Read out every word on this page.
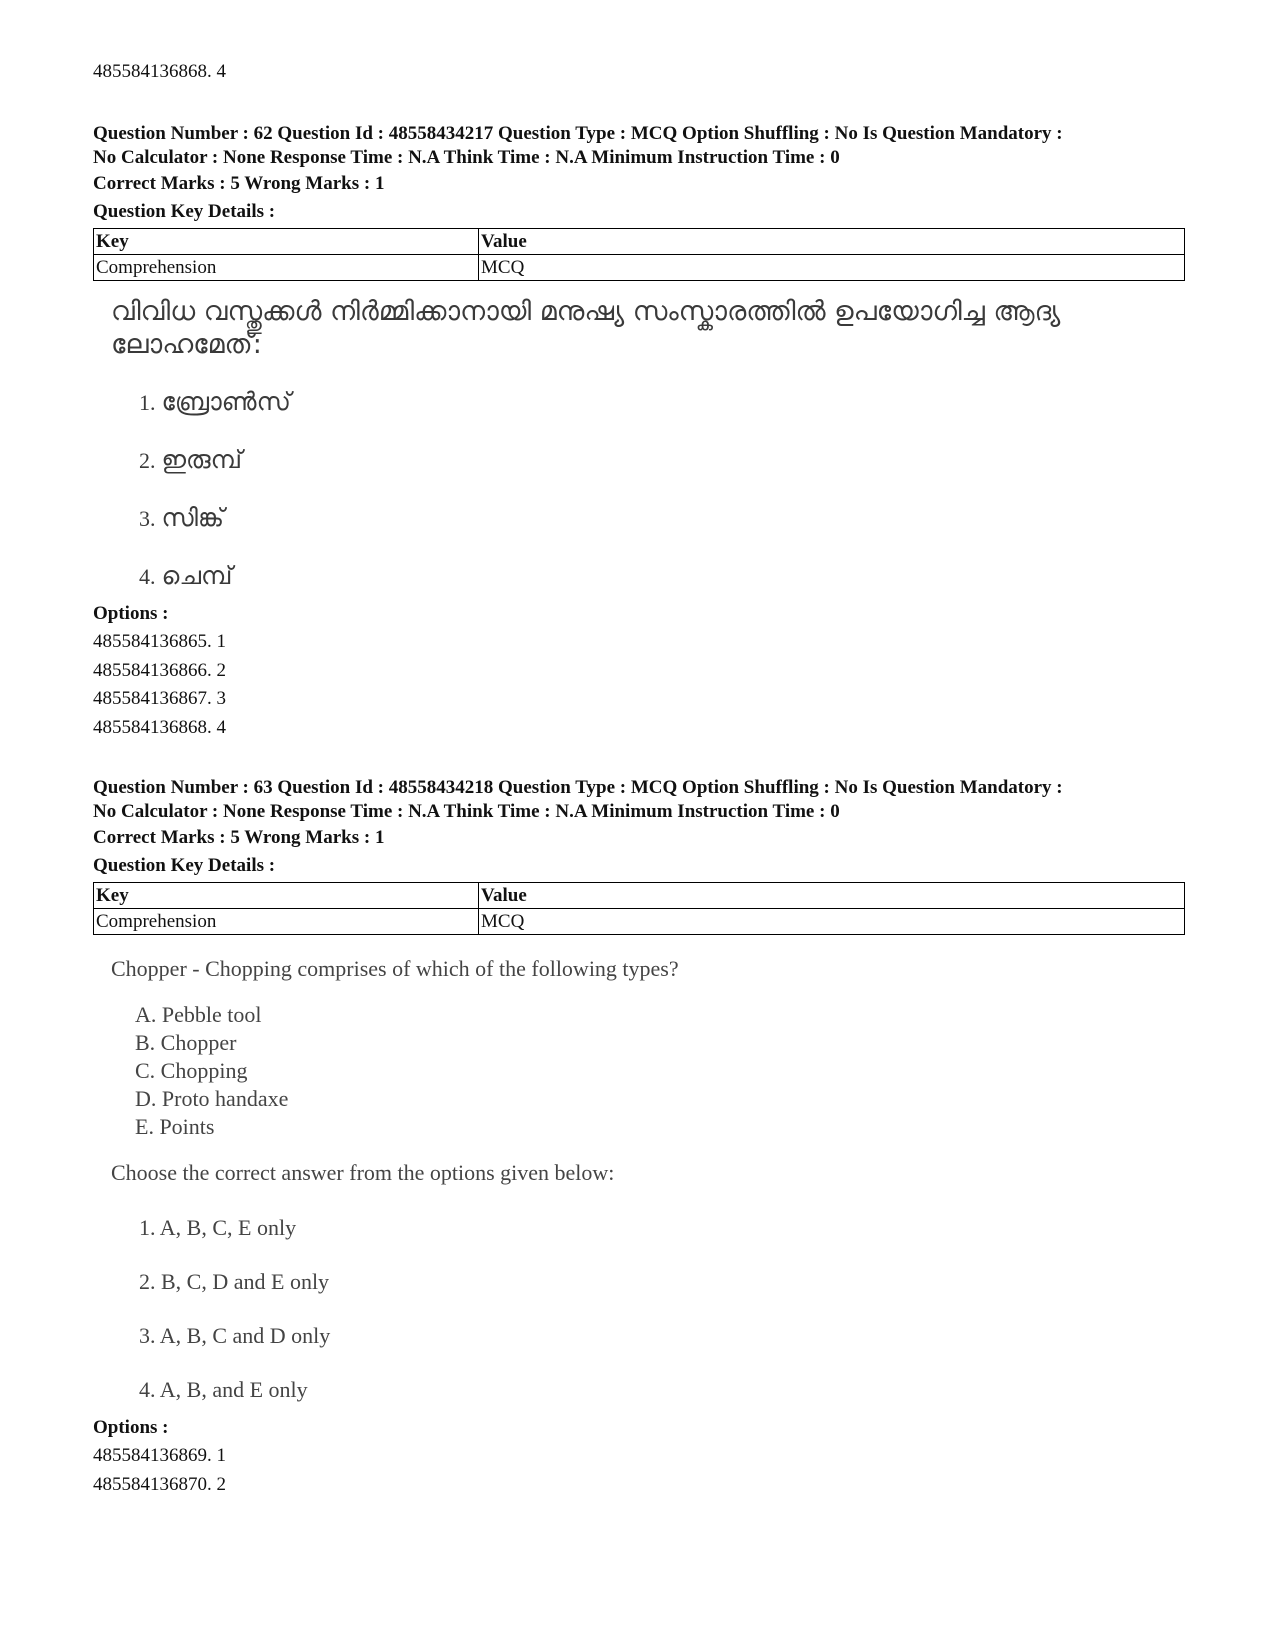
485584136868. 4

Question Number : 62 Question Id : 48558434217 Question Type : MCQ Option Shuffling : No Is Question Mandatory :
No Calculator : None Response Time : N.A Think Time : N.A Minimum Instruction Time : 0
Correct Marks : 5 Wrong Marks : 1
Question Key Details :
Key	Value
Comprehension	MCQ
വിവിധ വസ്തുക്കൾ നിർമ്മിക്കാനായി മനുഷ്യ സംസ്കാരത്തിൽ ഉപയോഗിച്ച ആദ്യ ലോഹമേത്:
1. ബ്രോൺസ്
2. ഇരുമ്പ്
3. സിങ്ക്
4. ചെമ്പ്
Options :
485584136865. 1
485584136866. 2
485584136867. 3
485584136868. 4
Question Number : 63 Question Id : 48558434218 Question Type : MCQ Option Shuffling : No Is Question Mandatory :
No Calculator : None Response Time : N.A Think Time : N.A Minimum Instruction Time : 0
Correct Marks : 5 Wrong Marks : 1
Question Key Details :
Key	Value
Comprehension	MCQ
Chopper - Chopping comprises of which of the following types?
A. Pebble tool
B. Chopper
C. Chopping
D. Proto handaxe
E. Points
Choose the correct answer from the options given below:
1. A, B, C, E only
2. B, C, D and E only
3. A, B, C and D only
4. A, B, and E only
Options :
485584136869. 1
485584136870. 2
